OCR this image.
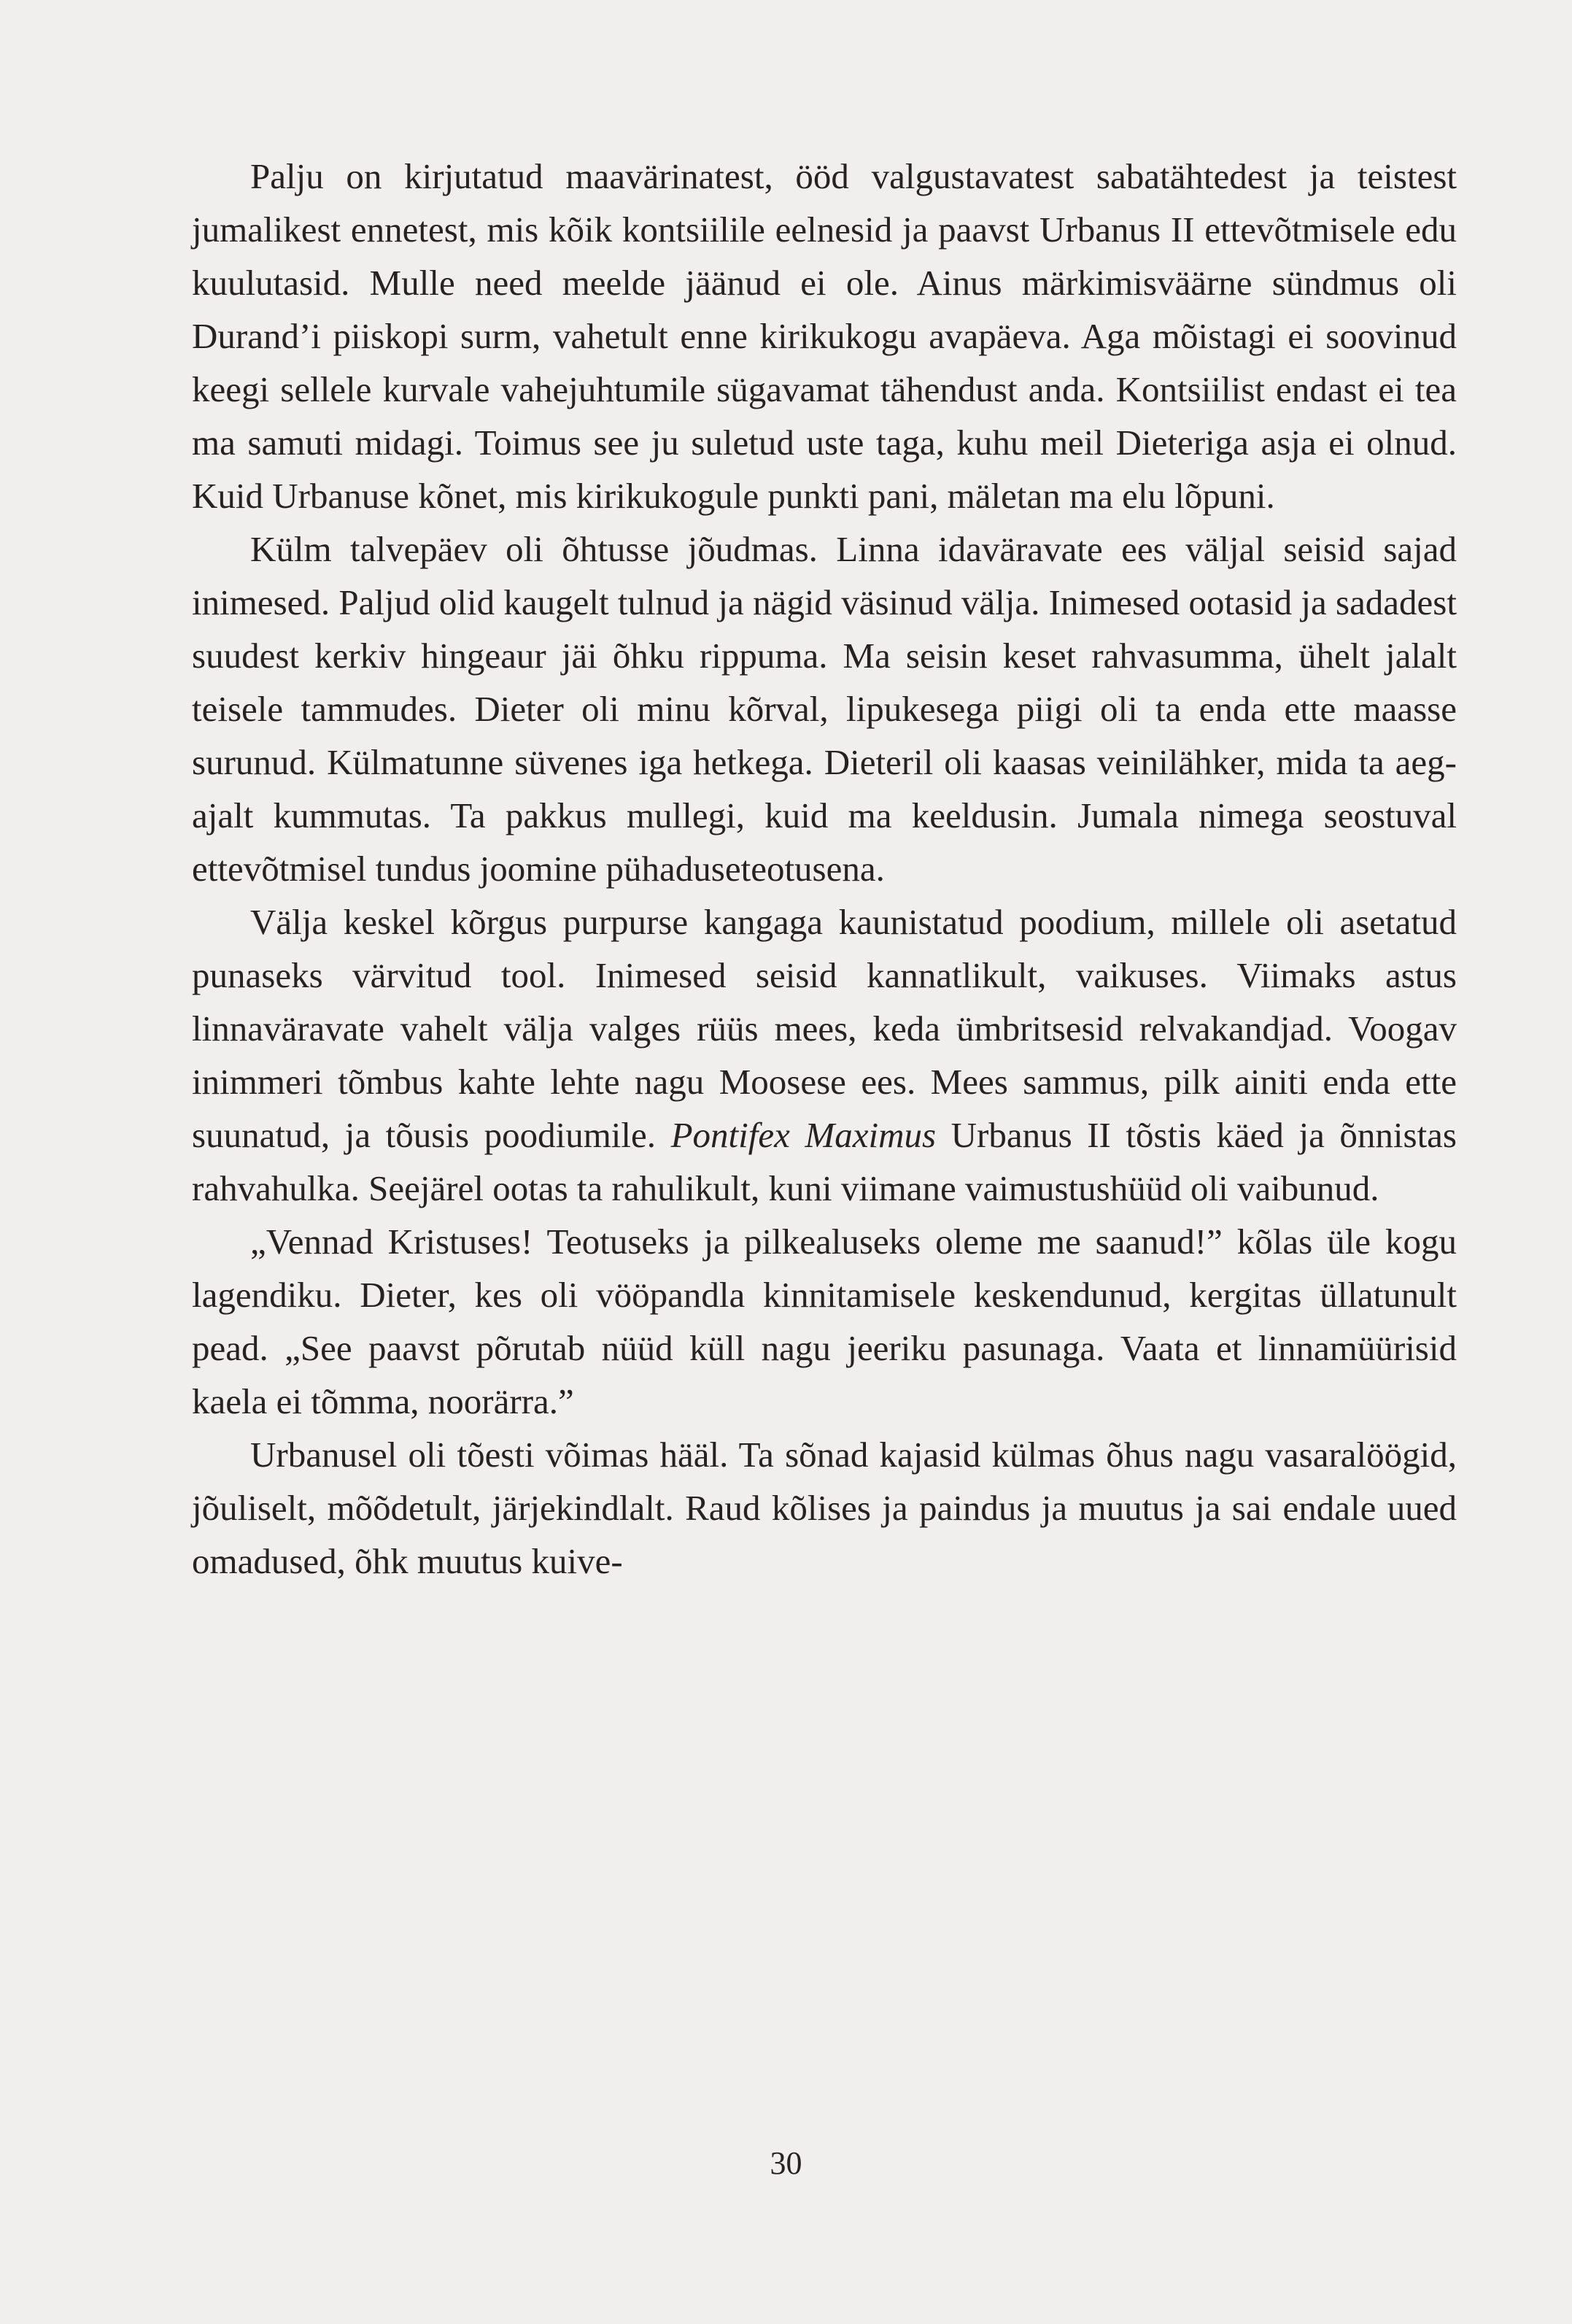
Palju on kirjutatud maavärinatest, ööd valgustavatest sabatähtedest ja teistest jumalikest ennetest, mis kõik kontsiilile eelnesid ja paavst Urbanus II ettevõtmisele edu kuulutasid. Mulle need meelde jäänud ei ole. Ainus märkimisväärne sündmus oli Durand’i piiskopi surm, vahetult enne kirikukogu avapäeva. Aga mõistagi ei soovinud keegi sellele kurvale vahejuhtumile sügavamat tähendust anda. Kontsiilist endast ei tea ma samuti midagi. Toimus see ju suletud uste taga, kuhu meil Dieteriga asja ei olnud. Kuid Urbanuse kõnet, mis kirikukogule punkti pani, mäletan ma elu lõpuni.

Külm talvepäev oli õhtusse jõudmas. Linna idaväravate ees väljal seisid sajad inimesed. Paljud olid kaugelt tulnud ja nägid väsinud välja. Inimesed ootasid ja sadadest suudest kerkiv hingeaur jäi õhku rippuma. Ma seisin keset rahvasumma, ühelt jalalt teisele tammudes. Dieter oli minu kõrval, lipukesega piigi oli ta enda ette maasse surunud. Külmatunne süvenes iga hetkega. Dieteril oli kaasas veinilähker, mida ta aegajalt kummutas. Ta pakkus mullegi, kuid ma keeldusin. Jumala nimega seostuval ettevõtmisel tundus joomine pühaduseteotusena.

Välja keskel kõrgus purpurse kangaga kaunistatud poodium, millele oli asetatud punaseks värvitud tool. Inimesed seisid kannatlikult, vaikuses. Viimaks astus linnaväravate vahelt välja valges rüüs mees, keda ümbritsesid relvakandjad. Voogav inimmeri tõmbus kahte lehte nagu Moosese ees. Mees sammus, pilk ainiti enda ette suunatud, ja tõusis poodiumile. Pontifex Maximus Urbanus II tõstis käed ja õnnistas rahvahulka. Seejärel ootas ta rahulikult, kuni viimane vaimustushüüd oli vaibunud.

„Vennad Kristuses! Teotuseks ja pilkealuseks oleme me saanud!” kõlas üle kogu lagendiku. Dieter, kes oli vööpandla kinnitamisele keskendunud, kergitas üllatunult pead. „See paavst põrutab nüüd küll nagu jeeriku pasunaga. Vaata et linnamüürisid kaela ei tõmma, noorärra.”

Urbanusel oli tõesti võimas hääl. Ta sõnad kajasid külmas õhus nagu vasaralöögid, jõuliselt, mõõdetult, järjekindlalt. Raud kõlises ja paindus ja muutus ja sai endale uued omadused, õhk muutus kuive-

30
